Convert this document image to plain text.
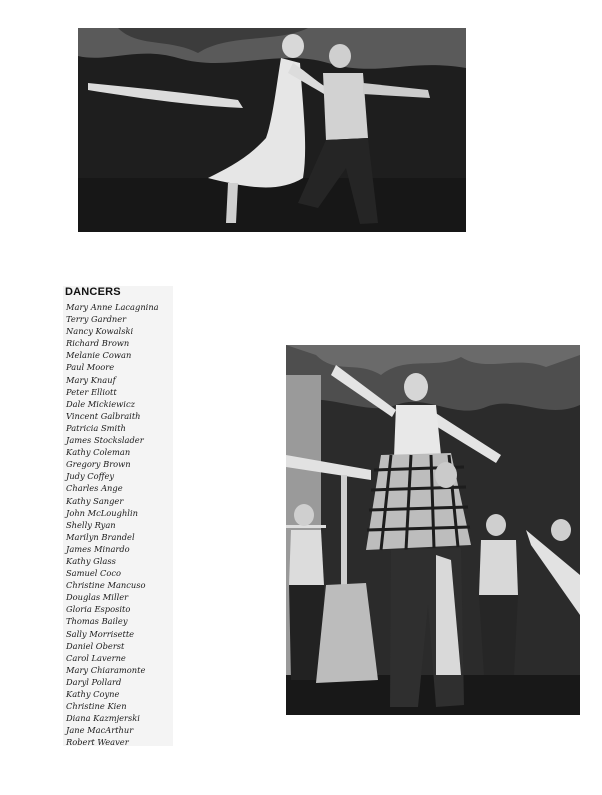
DANCERS
Mary Anne Lacagnina
Terry Gardner
Nancy Kowalski
Richard Brown
Melanie Cowan
Paul Moore
Mary Knauf
Peter Elliott
Dale Mickiewicz
Vincent Galbraith
Patricia Smith
James Stockslader
Kathy Coleman
Gregory Brown
Judy Coffey
Charles Ange
Kathy Sanger
John McLoughlin
Shelly Ryan
Marilyn Brandel
James Minardo
Kathy Glass
Samuel Coco
Christine Mancuso
Douglas Miller
Gloria Esposito
Thomas Bailey
Sally Morrisette
Daniel Oberst
Carol Laverne
Mary Chiaramonte
Daryl Pollard
Kathy Coyne
Christine Kien
Diana Kazmjerski
Jane MacArthur
Robert Weaver
